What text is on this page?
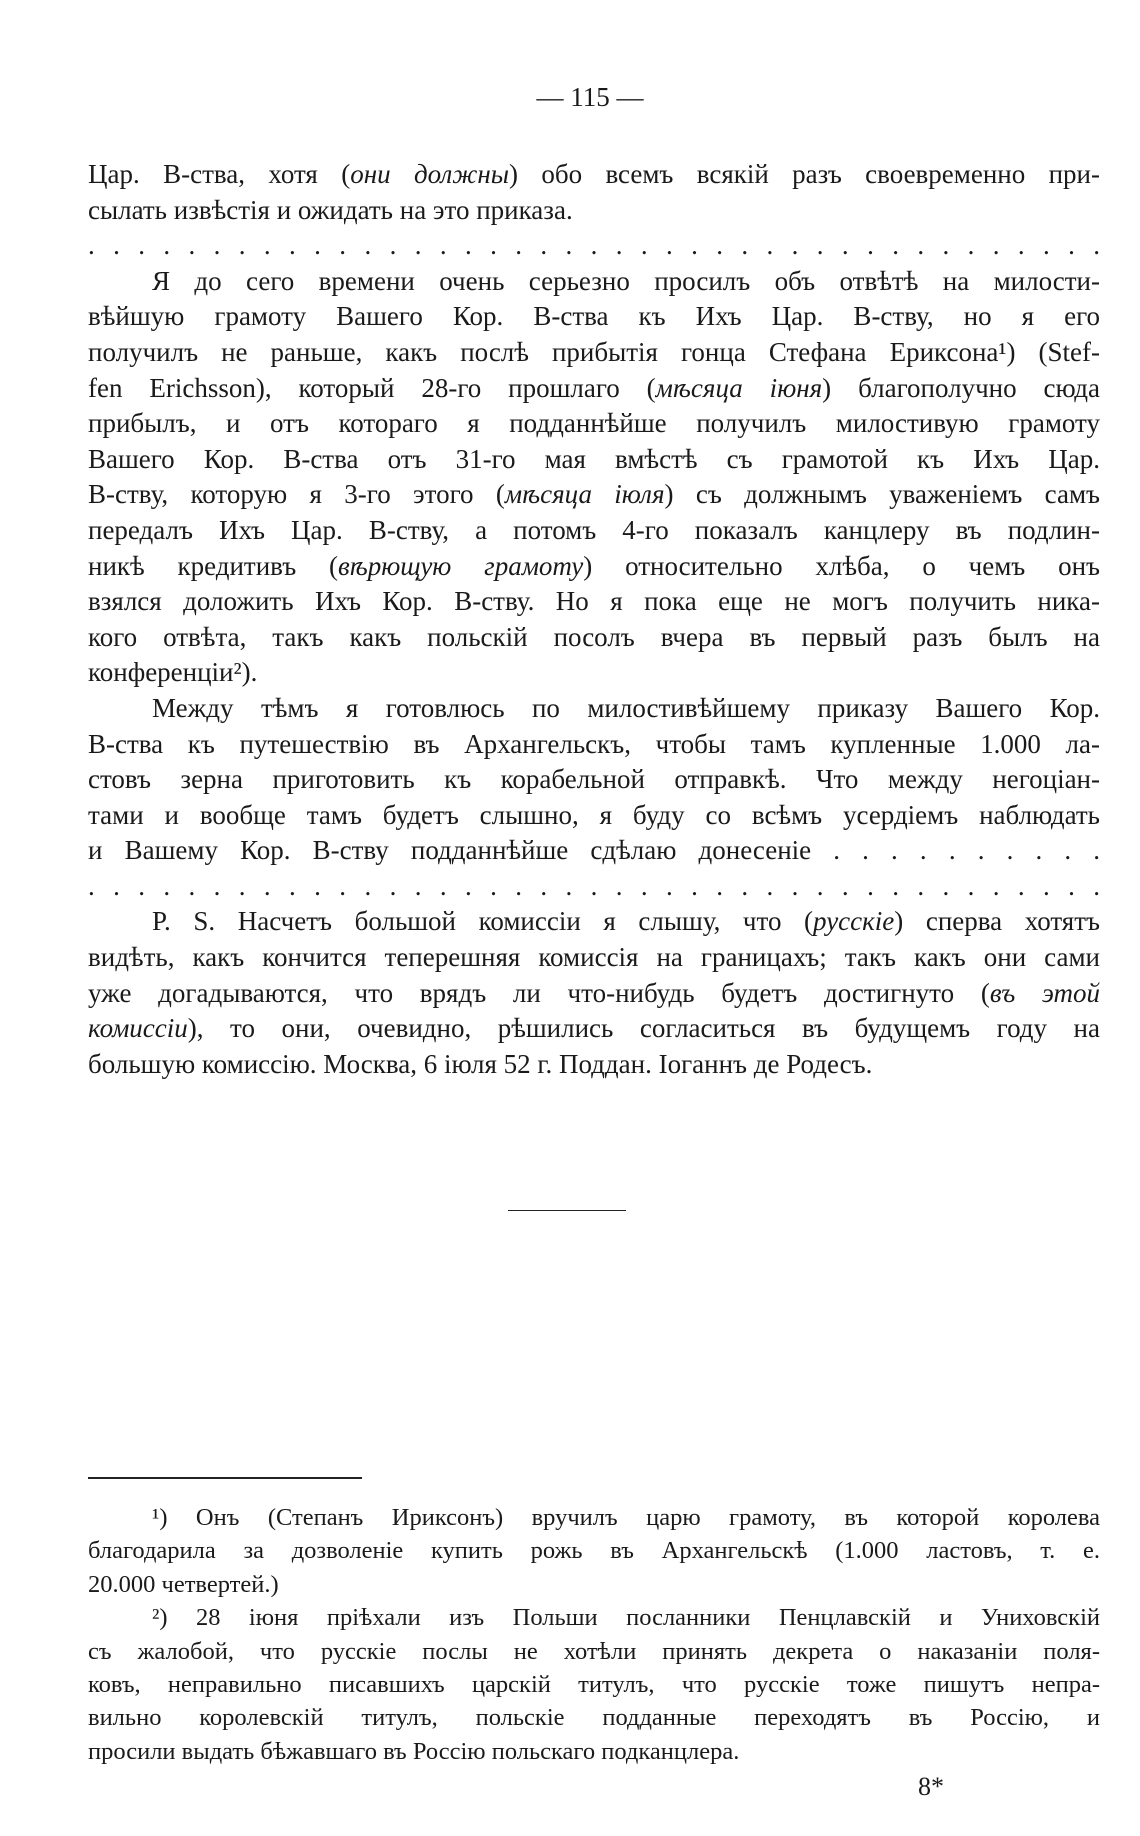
— 115 —
Цар. В-ства, хотя (они должны) обо всемъ всякій разъ своевременно при-
сылать извѣстія и ожидать на это приказа.
. . . . . . . . . . . . . . . . . . . . . . . . . . . . . . . . . . . . . . . . .
Я до сего времени очень серьезно просилъ объ отвѣтѣ на милости-
вѣйшую грамоту Вашего Кор. В-ства къ Ихъ Цар. В-ству, но я его
получилъ не раньше, какъ послѣ прибытія гонца Стефана Ериксона¹) (Stef-
fen Erichsson), который 28-го прошлаго (мѣсяца іюня) благополучно сюда
прибылъ, и отъ котораго я подданнѣйше получилъ милостивую грамоту
Вашего Кор. В-ства отъ 31-го мая вмѣстѣ съ грамотой къ Ихъ Цар.
В-ству, которую я 3-го этого (мѣсяца іюля) съ должнымъ уваженіемъ самъ
передалъ Ихъ Цар. В-ству, а потомъ 4-го показалъ канцлеру въ подлин-
никѣ кредитивъ (вѣрющую грамоту) относительно хлѣба, о чемъ онъ
взялся доложить Ихъ Кор. В-ству. Но я пока еще не могъ получить ника-
кого отвѣта, такъ какъ польскій посолъ вчера въ первый разъ былъ на
конференціи²).
Между тѣмъ я готовлюсь по милостивѣйшему приказу Вашего Кор.
В-ства къ путешествію въ Архангельскъ, чтобы тамъ купленные 1.000 ла-
стовъ зерна приготовить къ корабельной отправкѣ. Что между негоціан-
тами и вообще тамъ будетъ слышно, я буду со всѣмъ усердіемъ наблюдать
и Вашему Кор. В-ству подданнѣйше сдѣлаю донесеніе . . . . . . . . . .
. . . . . . . . . . . . . . . . . . . . . . . . . . . . . . . . . . . . . . . . .
P. S. Насчетъ большой комиссіи я слышу, что (русскіе) сперва хотятъ
видѣть, какъ кончится теперешняя комиссія на границахъ; такъ какъ они сами
уже догадываются, что врядъ ли что-нибудь будетъ достигнуто (въ этой
комиссіи), то они, очевидно, рѣшились согласиться въ будущемъ году на
большую комиссію. Москва, 6 іюля 52 г. Поддан. Іоганнъ де Родесъ.
¹) Онъ (Степанъ Ириксонъ) вручилъ царю грамоту, въ которой королева
благодарила за дозволеніе купить рожь въ Архангельскѣ (1.000 ластовъ, т. е.
20.000 четвертей.)
²) 28 іюня пріѣхали изъ Польши посланники Пенцлавскій и Униховскій
съ жалобой, что русскіе послы не хотѣли принять декрета о наказаніи поля-
ковъ, неправильно писавшихъ царскій титулъ, что русскіе тоже пишутъ непра-
вильно королевскій титулъ, польскіе подданные переходятъ въ Россію, и
просили выдать бѣжавшаго въ Россію польскаго подканцлера.
8*
